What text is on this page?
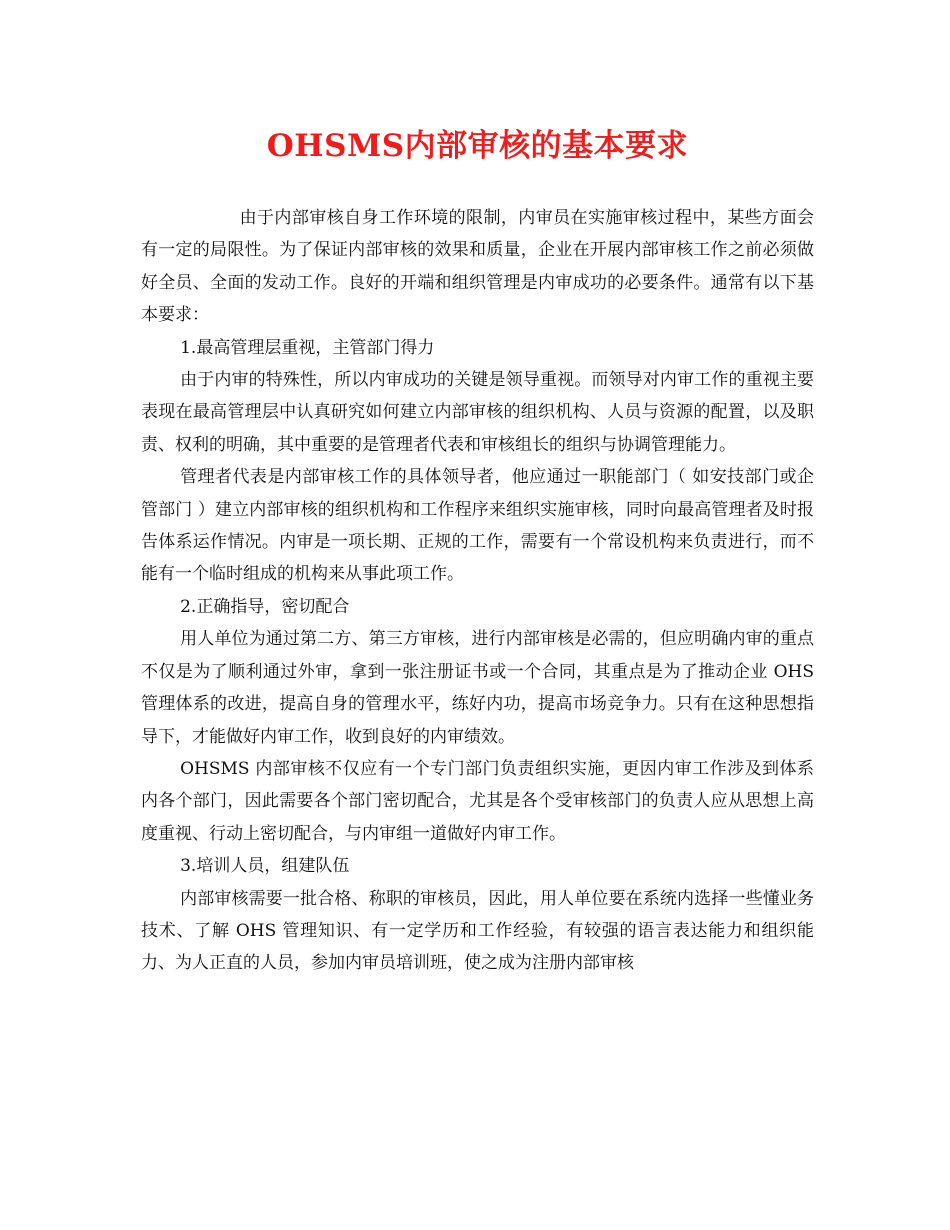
OHSMS内部审核的基本要求

由于内部审核自身工作环境的限制，内审员在实施审核过程中，某些方面会有一定的局限性。为了保证内部审核的效果和质量，企业在开展内部审核工作之前必须做好全员、全面的发动工作。良好的开端和组织管理是内审成功的必要条件。通常有以下基本要求：

1.最高管理层重视，主管部门得力

由于内审的特殊性，所以内审成功的关键是领导重视。而领导对内审工作的重视主要表现在最高管理层中认真研究如何建立内部审核的组织机构、人员与资源的配置，以及职责、权利的明确，其中重要的是管理者代表和审核组长的组织与协调管理能力。

管理者代表是内部审核工作的具体领导者，他应通过一职能部门（ 如安技部门或企管部门 ）建立内部审核的组织机构和工作程序来组织实施审核，同时向最高管理者及时报告体系运作情况。内审是一项长期、正规的工作，需要有一个常设机构来负责进行，而不能有一个临时组成的机构来从事此项工作。

2.正确指导，密切配合

用人单位为通过第二方、第三方审核，进行内部审核是必需的，但应明确内审的重点不仅是为了顺利通过外审，拿到一张注册证书或一个合同，其重点是为了推动企业 OHS 管理体系的改进，提高自身的管理水平，练好内功，提高市场竞争力。只有在这种思想指导下，才能做好内审工作，收到良好的内审绩效。

OHSMS 内部审核不仅应有一个专门部门负责组织实施，更因内审工作涉及到体系内各个部门，因此需要各个部门密切配合，尤其是各个受审核部门的负责人应从思想上高度重视、行动上密切配合，与内审组一道做好内审工作。

3.培训人员，组建队伍

内部审核需要一批合格、称职的审核员，因此，用人单位要在系统内选择一些懂业务技术、了解 OHS 管理知识、有一定学历和工作经验，有较强的语言表达能力和组织能力、为人正直的人员，参加内审员培训班，使之成为注册内部审核
